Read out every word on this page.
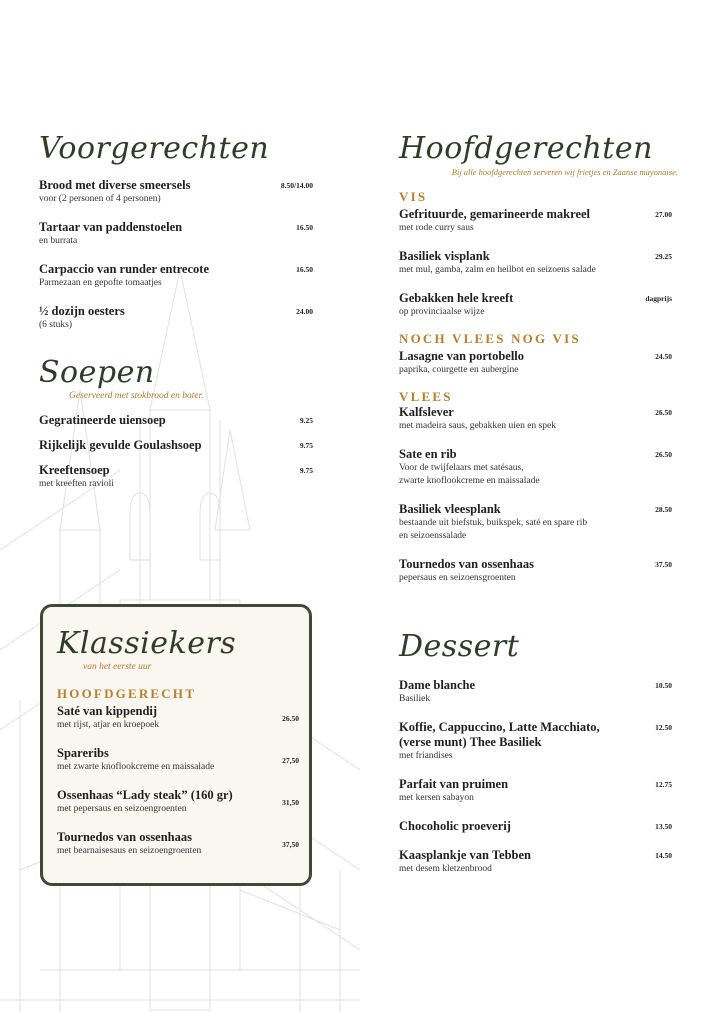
Voorgerechten
Brood met diverse smeersels
voor (2 personen of 4 personen)
8.50/14.00
Tartaar van paddenstoelen
en burrata
16.50
Carpaccio van runder entrecote
Parmezaan en gepofte tomaatjes
16.50
½ dozijn oesters
(6 stuks)
24.00
Soepen
Geserveerd met stokbrood en boter.
Gegratineerde uiensoep	9.25
Rijkelijk gevulde Goulashsoep	9.75
Kreeftensoep
met kreeften ravioli
9.75
Klassiekers
van het eerste uur
HOOFDGERECHT
Saté van kippendij
met rijst, atjar en kroepoek
26.50
Spareribs
met zwarte knoflookcreme en maissalade
27,50
Ossenhaas “Lady steak” (160 gr)
met pepersaus en seizoengroenten
31,50
Tournedos van ossenhaas
met bearnaisesaus en seizoengroenten
37,50
Hoofdgerechten
Bij alle hoofdgerechten serveren wij frietjes en Zaanse mayonaise.
VIS
Gefrituurde, gemarineerde makreel
met rode curry saus
27.00
Basiliek visplank
met mul, gamba, zalm en heilbot en seizoens salade
29.25
Gebakken hele kreeft
op provinciaalse wijze
dagprijs
NOCH VLEES NOG VIS
Lasagne van portobello
paprika, courgette en aubergine
24.50
VLEES
Kalfslever
met madeira saus, gebakken uien en spek
26.50
Sate en rib
Voor de twijfelaars met satésaus,
zwarte knoflookcreme en maissalade
26.50
Basiliek vleesplank
bestaande uit biefstuk, buikspek, saté en spare rib
en seizoenssalade
28.50
Tournedos van ossenhaas
pepersaus en seizoensgroenten
37.50
Dessert
Dame blanche
Basiliek
10.50
Koffie, Cappuccino, Latte Macchiato,
(verse munt) Thee Basiliek
met friandises
12.50
Parfait van pruimen
met kersen sabayon
12.75
Chocoholic proeverij	13.50
Kaasplankje van Tebben
met desem kletzenbrood
14.50
